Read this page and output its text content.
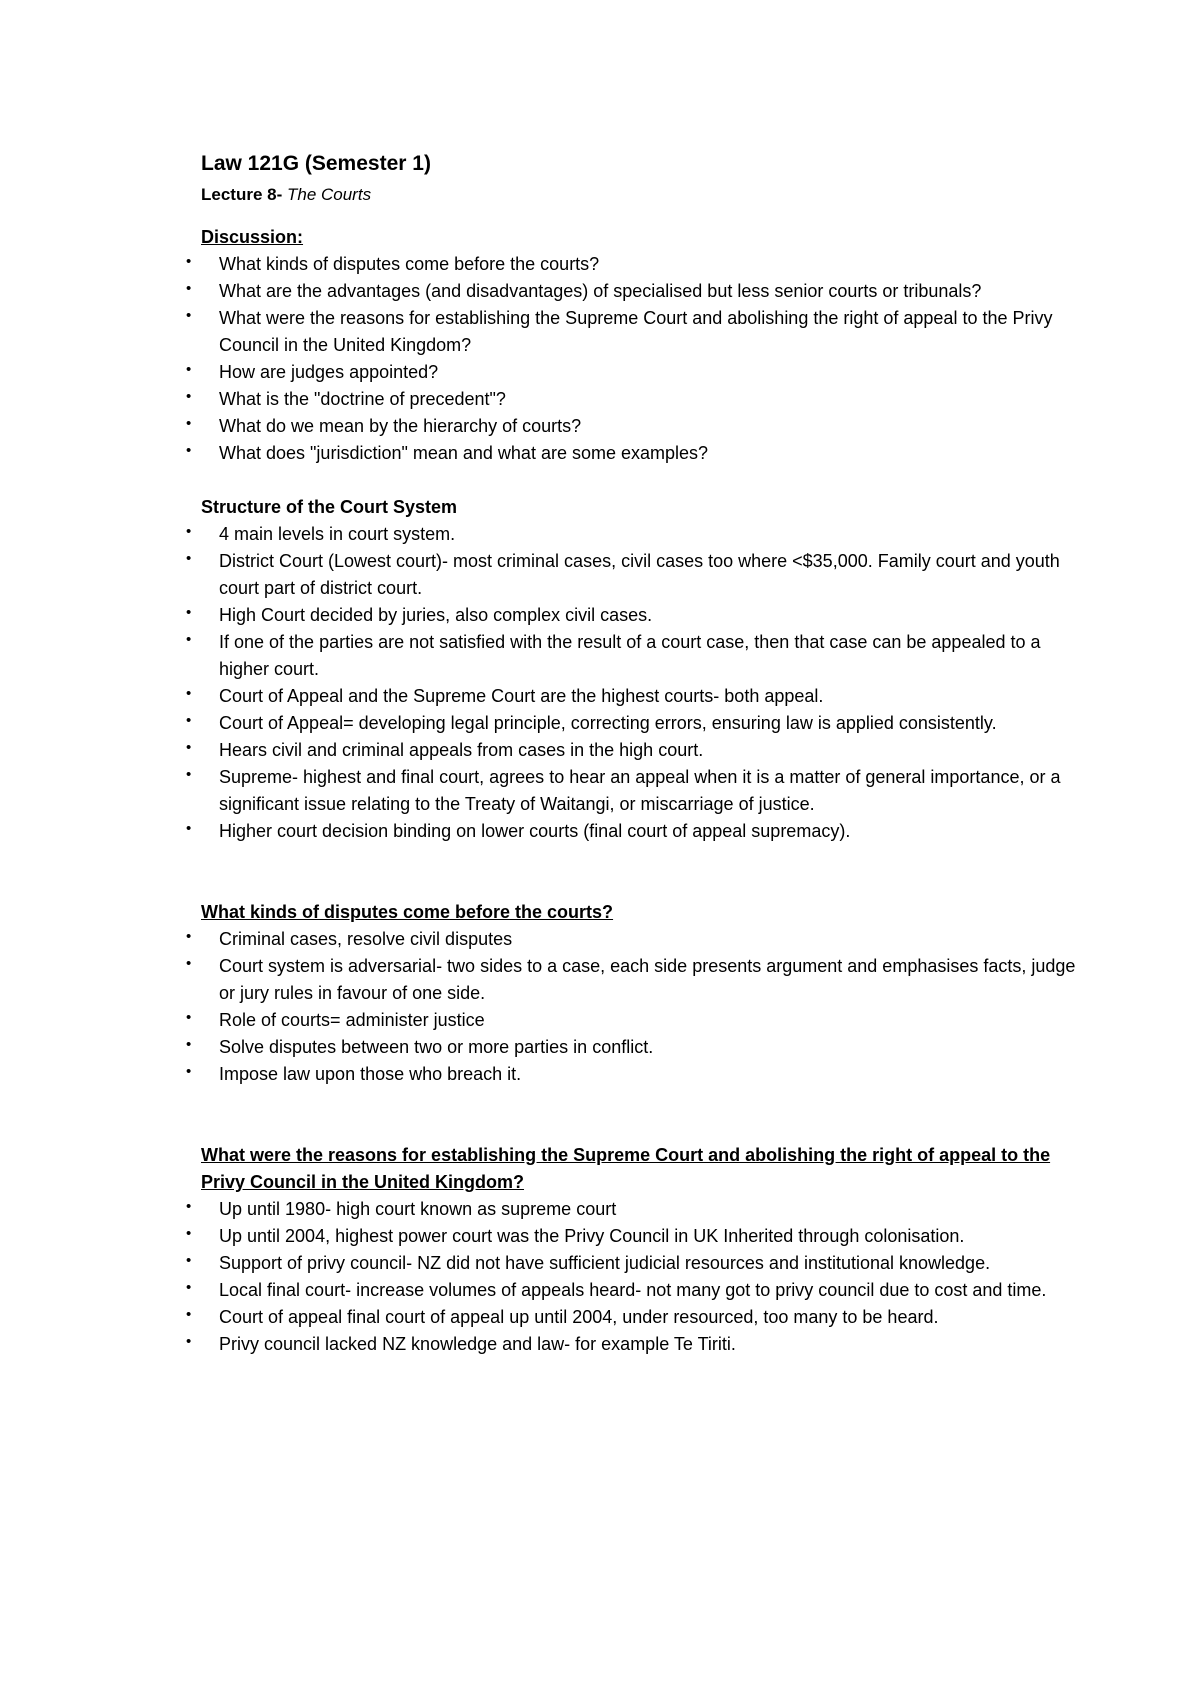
Law 121G (Semester 1)
Lecture 8- The Courts
Discussion:
• What kinds of disputes come before the courts?
• What are the advantages (and disadvantages) of specialised but less senior courts or tribunals?
• What were the reasons for establishing the Supreme Court and abolishing the right of appeal to the Privy Council in the United Kingdom?
• How are judges appointed?
• What is the "doctrine of precedent"?
• What do we mean by the hierarchy of courts?
• What does "jurisdiction" mean and what are some examples?
Structure of the Court System
• 4 main levels in court system.
• District Court (Lowest court)- most criminal cases, civil cases too where <$35,000. Family court and youth court part of district court.
• High Court decided by juries, also complex civil cases.
• If one of the parties are not satisfied with the result of a court case, then that case can be appealed to a higher court.
• Court of Appeal and the Supreme Court are the highest courts- both appeal.
• Court of Appeal= developing legal principle, correcting errors, ensuring law is applied consistently.
• Hears civil and criminal appeals from cases in the high court.
• Supreme- highest and final court, agrees to hear an appeal when it is a matter of general importance, or a significant issue relating to the Treaty of Waitangi, or miscarriage of justice.
• Higher court decision binding on lower courts (final court of appeal supremacy).
What kinds of disputes come before the courts?
• Criminal cases, resolve civil disputes
• Court system is adversarial- two sides to a case, each side presents argument and emphasises facts, judge or jury rules in favour of one side.
• Role of courts= administer justice
• Solve disputes between two or more parties in conflict.
• Impose law upon those who breach it.
What were the reasons for establishing the Supreme Court and abolishing the right of appeal to the Privy Council in the United Kingdom?
• Up until 1980- high court known as supreme court
• Up until 2004, highest power court was the Privy Council in UK Inherited through colonisation.
• Support of privy council- NZ did not have sufficient judicial resources and institutional knowledge.
• Local final court- increase volumes of appeals heard- not many got to privy council due to cost and time.
• Court of appeal final court of appeal up until 2004, under resourced, too many to be heard.
• Privy council lacked NZ knowledge and law- for example Te Tiriti.
